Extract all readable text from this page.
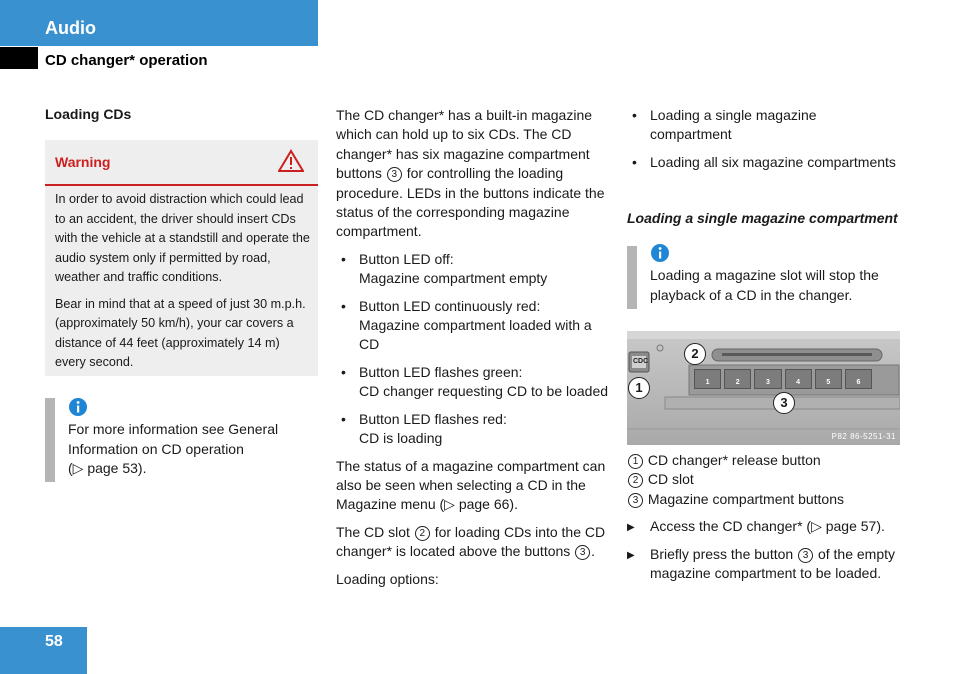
Audio
CD changer* operation
Loading CDs
Warning

In order to avoid distraction which could lead to an accident, the driver should insert CDs with the vehicle at a standstill and operate the audio system only if permitted by road, weather and traffic conditions.

Bear in mind that at a speed of just 30 m.p.h. (approximately 50 km/h), your car covers a distance of 44 feet (approximately 14 m) every second.

For more information see General Information on CD operation
(▷ page 53).

The CD changer* has a built-in magazine which can hold up to six CDs. The CD changer* has six magazine compartment buttons 3 for controlling the loading procedure. LEDs in the buttons indicate the status of the corresponding magazine compartment.

• Button LED off:
Magazine compartment empty
• Button LED continuously red:
Magazine compartment loaded with a CD
• Button LED flashes green:
CD changer requesting CD to be loaded
• Button LED flashes red:
CD is loading

The status of a magazine compartment can also be seen when selecting a CD in the Magazine menu (▷ page 66).

The CD slot 2 for loading CDs into the CD changer* is located above the buttons 3 .

Loading options:

• Loading a single magazine compartment
• Loading all six magazine compartments
Loading a single magazine compartment
Loading a magazine slot will stop the playback of a CD in the changer.
CDC
1	2	3	4	5	6
1
2
3
P82 86-5251-31
1 CD changer* release button
2 CD slot
3 Magazine compartment buttons
▶ Access the CD changer* (▷ page 57).
▶ Briefly press the button 3 of the empty magazine compartment to be loaded.
58
